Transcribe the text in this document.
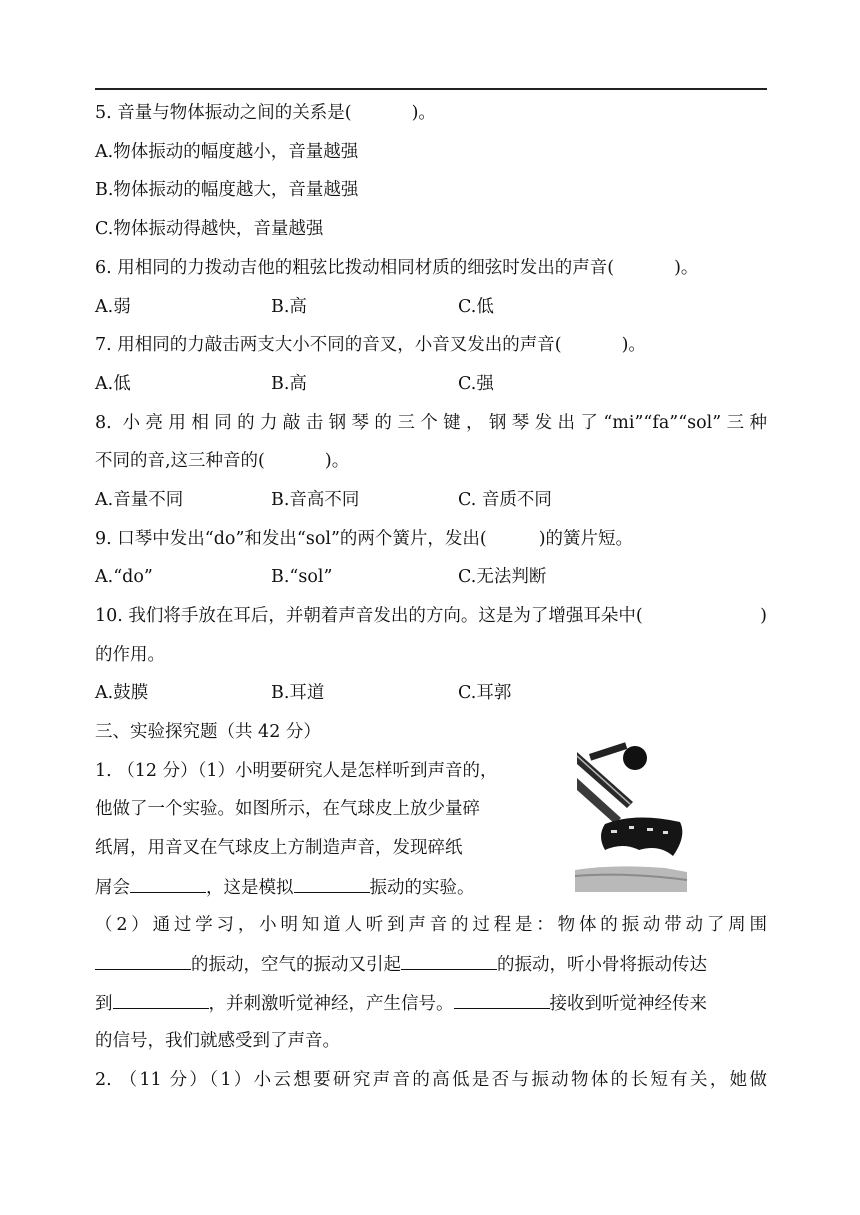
5. 音量与物体振动之间的关系是(	)。
A.物体振动的幅度越小，音量越强
B.物体振动的幅度越大，音量越强
C.物体振动得越快，音量越强
6. 用相同的力拨动吉他的粗弦比拨动相同材质的细弦时发出的声音(	)。
A.弱	B.高	C.低
7. 用相同的力敲击两支大小不同的音叉，小音叉发出的声音(	)。
A.低	B.高	C.强
8. 小亮用相同的力敲击钢琴的三个键，钢琴发出了“mi”“fa”“sol”三种
不同的音,这三种音的(	)。
A.音量不同	B.音高不同	C. 音质不同
9. 口琴中发出“do”和发出“sol”的两个簧片，发出(	)的簧片短。
A.“do”	B.“sol”	C.无法判断
10. 我们将手放在耳后，并朝着声音发出的方向。这是为了增强耳朵中(	)
的作用。
A.鼓膜	B.耳道	C.耳郭
三、实验探究题（共 42 分）
1. （12 分）（1）小明要研究人是怎样听到声音的，
他做了一个实验。如图所示，在气球皮上放少量碎
纸屑，用音叉在气球皮上方制造声音，发现碎纸
屑会	，这是模拟	振动的实验。
（2）通过学习，小明知道人听到声音的过程是：物体的振动带动了周围
的振动，空气的振动又引起	的振动，听小骨将振动传达
到	，并刺激听觉神经，产生信号。	接收到听觉神经传来
的信号，我们就感受到了声音。
2. （11 分）（1）小云想要研究声音的高低是否与振动物体的长短有关，她做
